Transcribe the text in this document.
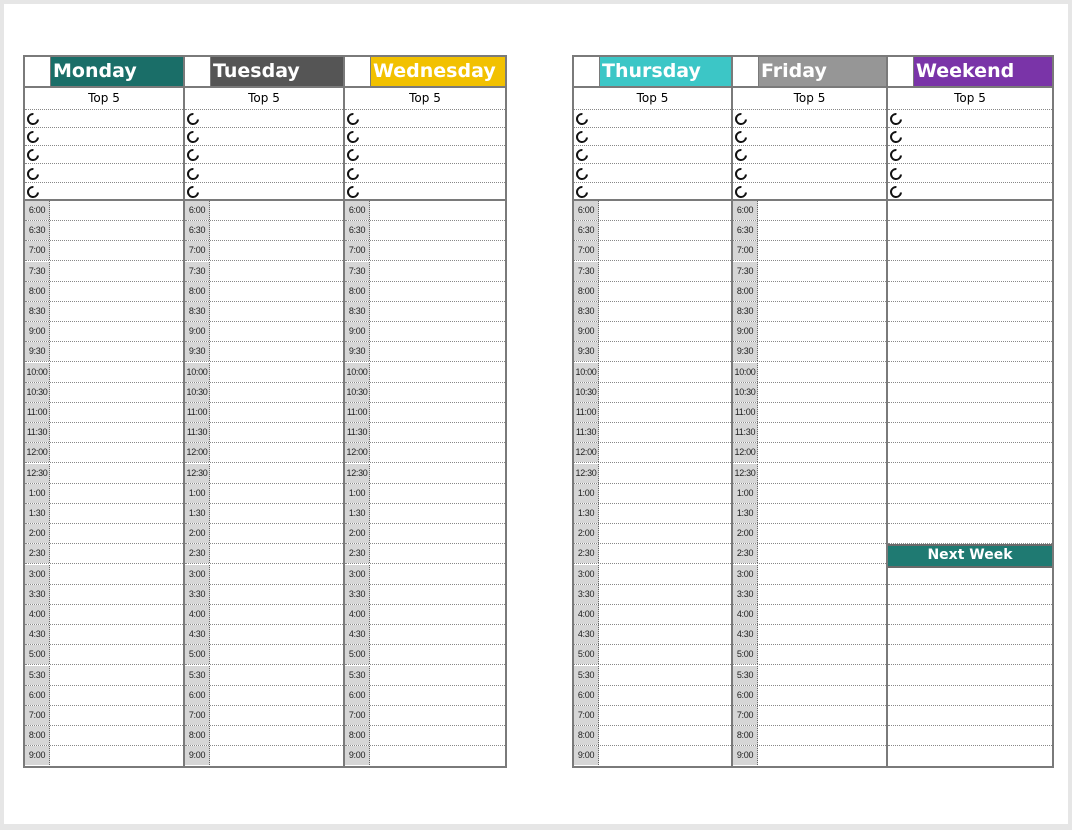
Monday
Top 5
6:00
6:30
7:00
7:30
8:00
8:30
9:00
9:30
10:00
10:30
11:00
11:30
12:00
12:30
1:00
1:30
2:00
2:30
3:00
3:30
4:00
4:30
5:00
5:30
6:00
7:00
8:00
9:00
Tuesday
Top 5
6:00
6:30
7:00
7:30
8:00
8:30
9:00
9:30
10:00
10:30
11:00
11:30
12:00
12:30
1:00
1:30
2:00
2:30
3:00
3:30
4:00
4:30
5:00
5:30
6:00
7:00
8:00
9:00
Wednesday
Top 5
6:00
6:30
7:00
7:30
8:00
8:30
9:00
9:30
10:00
10:30
11:00
11:30
12:00
12:30
1:00
1:30
2:00
2:30
3:00
3:30
4:00
4:30
5:00
5:30
6:00
7:00
8:00
9:00
Thursday
Top 5
6:00
6:30
7:00
7:30
8:00
8:30
9:00
9:30
10:00
10:30
11:00
11:30
12:00
12:30
1:00
1:30
2:00
2:30
3:00
3:30
4:00
4:30
5:00
5:30
6:00
7:00
8:00
9:00
Friday
Top 5
6:00
6:30
7:00
7:30
8:00
8:30
9:00
9:30
10:00
10:30
11:00
11:30
12:00
12:30
1:00
1:30
2:00
2:30
3:00
3:30
4:00
4:30
5:00
5:30
6:00
7:00
8:00
9:00
Weekend
Top 5
Next Week
